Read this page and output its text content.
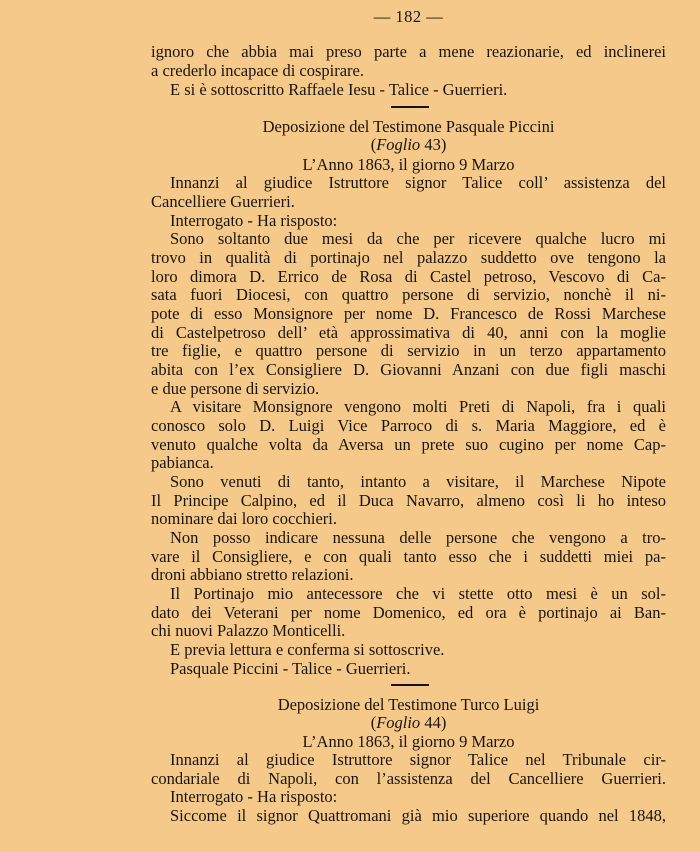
— 182 —
ignoro che abbia mai preso parte a mene reazionarie, ed inclinerei
a crederlo incapace di cospirare.
E si è sottoscritto Raffaele Iesu - Talice - Guerrieri.
Deposizione del Testimone Pasquale Piccini
(Foglio 43)
L’Anno 1863, il giorno 9 Marzo
Innanzi al giudice Istruttore signor Talice coll’ assistenza del
Cancelliere Guerrieri.
Interrogato - Ha risposto:
Sono soltanto due mesi da che per ricevere qualche lucro mi
trovo in qualità di portinajo nel palazzo suddetto ove tengono la
loro dimora D. Errico de Rosa di Castel petroso, Vescovo di Ca-
sata fuori Diocesi, con quattro persone di servizio, nonchè il ni-
pote di esso Monsignore per nome D. Francesco de Rossi Marchese
di Castelpetroso dell’ età approssimativa di 40, anni con la moglie
tre figlie, e quattro persone di servizio in un terzo appartamento
abita con l’ex Consigliere D. Giovanni Anzani con due figli maschi
e due persone di servizio.
A visitare Monsignore vengono molti Preti di Napoli, fra i quali
conosco solo D. Luigi Vice Parroco di s. Maria Maggiore, ed è
venuto qualche volta da Aversa un prete suo cugino per nome Cap-
pabianca.
Sono venuti di tanto, intanto a visitare, il Marchese Nipote
Il Principe Calpino, ed il Duca Navarro, almeno così li ho inteso
nominare dai loro cocchieri.
Non posso indicare nessuna delle persone che vengono a tro-
vare il Consigliere, e con quali tanto esso che i suddetti miei pa-
droni abbiano stretto relazioni.
Il Portinajo mio antecessore che vi stette otto mesi è un sol-
dato dei Veterani per nome Domenico, ed ora è portinajo ai Ban-
chi nuovi Palazzo Monticelli.
E previa lettura e conferma si sottoscrive.
Pasquale Piccini - Talice - Guerrieri.
Deposizione del Testimone Turco Luigi
(Foglio 44)
L’Anno 1863, il giorno 9 Marzo
Innanzi al giudice Istruttore signor Talice nel Tribunale cir-
condariale di Napoli, con l’assistenza del Cancelliere Guerrieri.
Interrogato - Ha risposto:
Siccome il signor Quattromani già mio superiore quando nel 1848,
